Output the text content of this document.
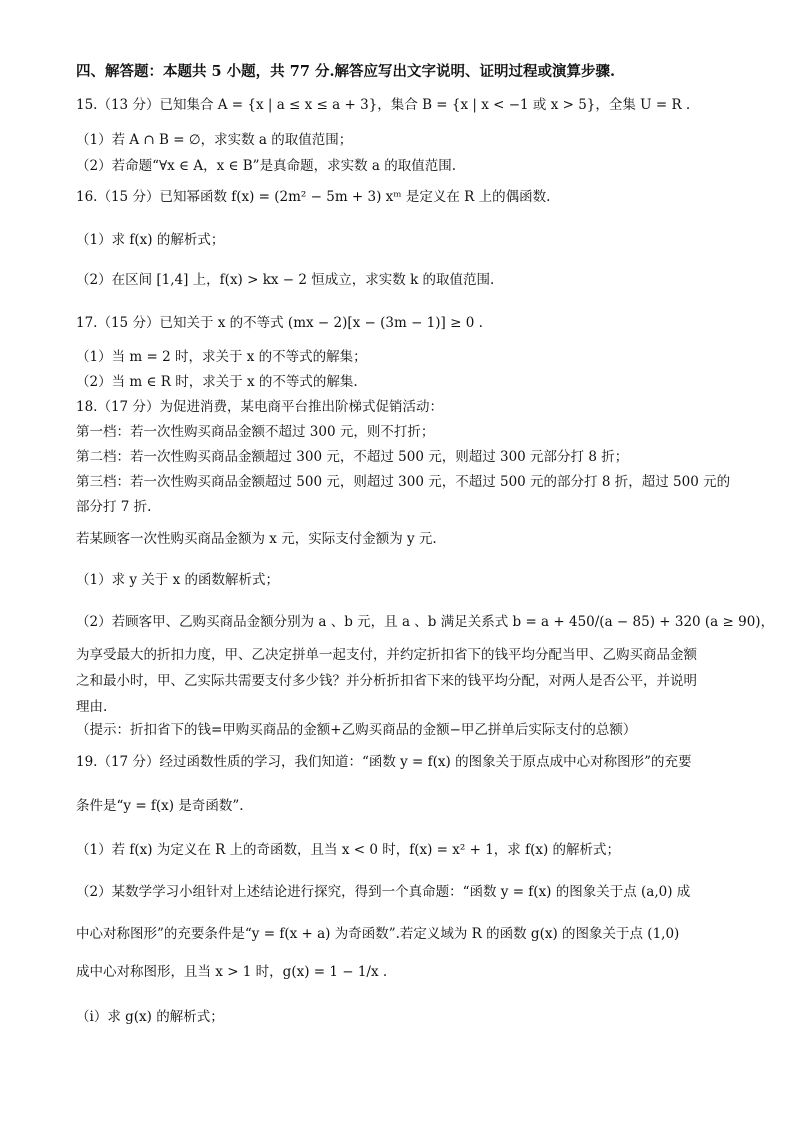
四、解答题：本题共 5 小题，共 77 分.解答应写出文字说明、证明过程或演算步骤.
15.（13 分）已知集合 A = {x | a ≤ x ≤ a + 3}，集合 B = {x | x < −1 或 x > 5}，全集 U = R .
（1）若 A ∩ B = ∅，求实数 a 的取值范围；
（2）若命题“∀x ∈ A，x ∈ B”是真命题，求实数 a 的取值范围.
16.（15 分）已知幂函数 f(x) = (2m² − 5m + 3) xᵐ 是定义在 R 上的偶函数.
（1）求 f(x) 的解析式；
（2）在区间 [1,4] 上，f(x) > kx − 2 恒成立，求实数 k 的取值范围.
17.（15 分）已知关于 x 的不等式 (mx − 2)[x − (3m − 1)] ≥ 0 .
（1）当 m = 2 时，求关于 x 的不等式的解集；
（2）当 m ∈ R 时，求关于 x 的不等式的解集.
18.（17 分）为促进消费，某电商平台推出阶梯式促销活动：
第一档：若一次性购买商品金额不超过 300 元，则不打折；
第二档：若一次性购买商品金额超过 300 元，不超过 500 元，则超过 300 元部分打 8 折；
第三档：若一次性购买商品金额超过 500 元，则超过 300 元，不超过 500 元的部分打 8 折，超过 500 元的
部分打 7 折.
若某顾客一次性购买商品金额为 x 元，实际支付金额为 y 元.
（1）求 y 关于 x 的函数解析式；
（2）若顾客甲、乙购买商品金额分别为 a 、b 元，且 a 、b 满足关系式 b = a + 450/(a − 85) + 320 (a ≥ 90)，
为享受最大的折扣力度，甲、乙决定拼单一起支付，并约定折扣省下的钱平均分配当甲、乙购买商品金额
之和最小时，甲、乙实际共需要支付多少钱？并分析折扣省下来的钱平均分配，对两人是否公平，并说明
理由.
（提示：折扣省下的钱=甲购买商品的金额+乙购买商品的金额−甲乙拼单后实际支付的总额）
19.（17 分）经过函数性质的学习，我们知道：“函数 y = f(x) 的图象关于原点成中心对称图形”的充要
条件是“y = f(x) 是奇函数”.
（1）若 f(x) 为定义在 R 上的奇函数，且当 x < 0 时，f(x) = x² + 1，求 f(x) 的解析式；
（2）某数学学习小组针对上述结论进行探究，得到一个真命题：“函数 y = f(x) 的图象关于点 (a,0) 成
中心对称图形”的充要条件是“y = f(x + a) 为奇函数”.若定义域为 R 的函数 g(x) 的图象关于点 (1,0)
成中心对称图形，且当 x > 1 时，g(x) = 1 − 1/x .
（i）求 g(x) 的解析式；
